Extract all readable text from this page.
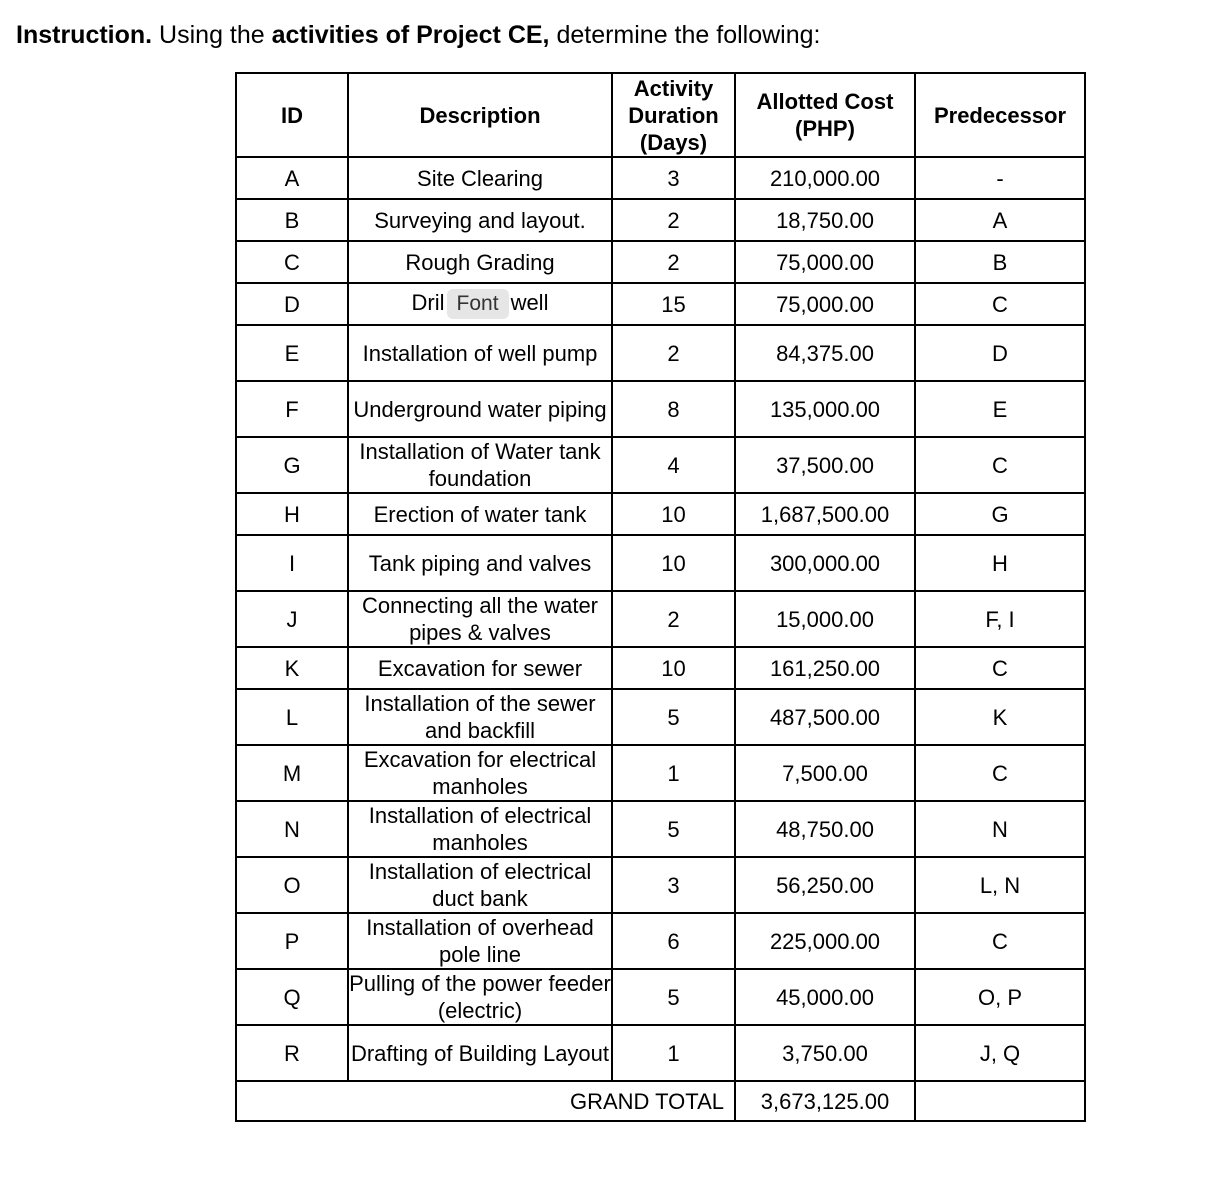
Instruction. Using the activities of Project CE, determine the following:
ID	Description	Activity Duration (Days)	Allotted Cost (PHP)	Predecessor
A	Site Clearing	3	210,000.00	-
B	Surveying and layout.	2	18,750.00	A
C	Rough Grading	2	75,000.00	B
D	Dril Font well	15	75,000.00	C
E	Installation of well pump	2	84,375.00	D
F	Underground water piping	8	135,000.00	E
G	Installation of Water tank foundation	4	37,500.00	C
H	Erection of water tank	10	1,687,500.00	G
I	Tank piping and valves	10	300,000.00	H
J	Connecting all the water pipes & valves	2	15,000.00	F, I
K	Excavation for sewer	10	161,250.00	C
L	Installation of the sewer and backfill	5	487,500.00	K
M	Excavation for electrical manholes	1	7,500.00	C
N	Installation of electrical manholes	5	48,750.00	N
O	Installation of electrical duct bank	3	56,250.00	L, N
P	Installation of overhead pole line	6	225,000.00	C
Q	Pulling of the power feeder (electric)	5	45,000.00	O, P
R	Drafting of Building Layout	1	3,750.00	J, Q
GRAND TOTAL			3,673,125.00	
